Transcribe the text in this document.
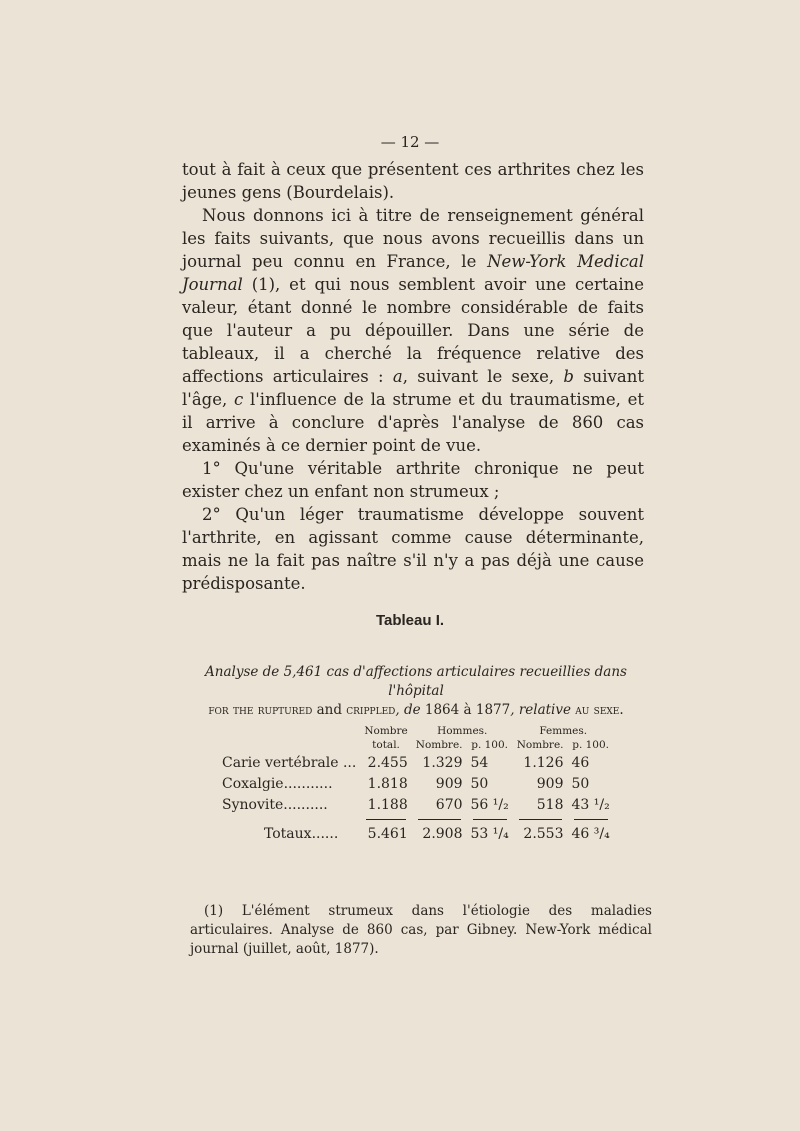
— 12 —

tout à fait à ceux que présentent ces arthrites chez les jeunes gens (Bourdelais).

Nous donnons ici à titre de renseignement général les faits suivants, que nous avons recueillis dans un journal peu connu en France, le New-York Medical Journal (1), et qui nous semblent avoir une certaine valeur, étant donné le nombre considérable de faits que l'auteur a pu dépouiller. Dans une série de tableaux, il a cherché la fréquence relative des affections articulaires : a, suivant le sexe, b suivant l'âge, c l'influence de la strume et du traumatisme, et il arrive à conclure d'après l'analyse de 860 cas examinés à ce dernier point de vue.

1° Qu'une véritable arthrite chronique ne peut exister chez un enfant non strumeux ;

2° Qu'un léger traumatisme développe souvent l'arthrite, en agissant comme cause déterminante, mais ne la fait pas naître s'il n'y a pas déjà une cause prédisposante.

Tableau I.
Analyse de 5,461 cas d'affections articulaires recueillies dans l'hôpital
for the ruptured and crippled, de 1864 à 1877, relative au sexe.
	Nombre	Hommes.		Femmes.	
	total.	Nombre.	p. 100.	Nombre.	p. 100.
Carie vertébrale ...	2.455	1.329	54	1.126	46
Coxalgie...........	1.818	909	50	909	50
Synovite..........	1.188	670	56 ¹/₂	518	43 ¹/₂

Totaux......	5.461	2.908	53 ¹/₄	2.553	46 ³/₄

(1) L'élément strumeux dans l'étiologie des maladies articulaires. Analyse de 860 cas, par Gibney. New-York médical journal (juillet, août, 1877).
